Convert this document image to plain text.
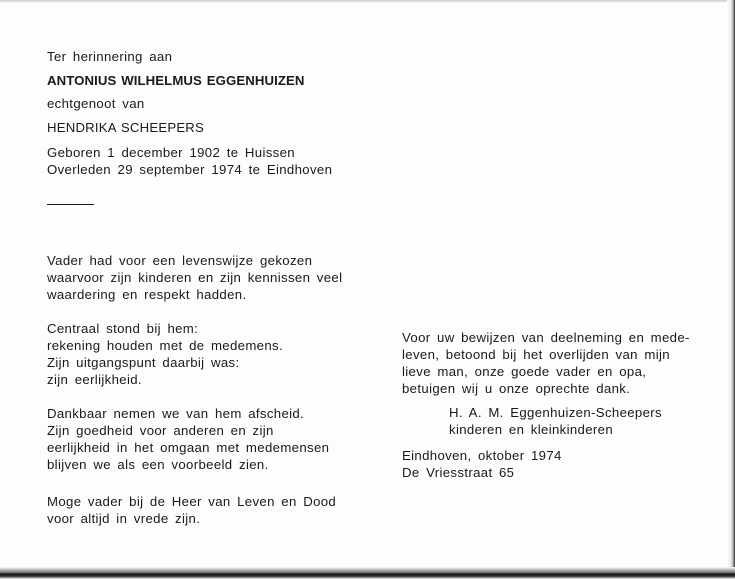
Ter herinnering aan
ANTONIUS WILHELMUS EGGENHUIZEN
echtgenoot van
HENDRIKA SCHEEPERS
Geboren 1 december 1902 te Huissen
Overleden 29 september 1974 te Eindhoven
Vader had voor een levenswijze gekozen
waarvoor zijn kinderen en zijn kennissen veel
waardering en respekt hadden.
Centraal stond bij hem:
rekening houden met de medemens.
Zijn uitgangspunt daarbij was:
zijn eerlijkheid.
Dankbaar nemen we van hem afscheid.
Zijn goedheid voor anderen en zijn
eerlijkheid in het omgaan met medemensen
blijven we als een voorbeeld zien.
Moge vader bij de Heer van Leven en Dood
voor altijd in vrede zijn.
Voor uw bewijzen van deelneming en mede-
leven, betoond bij het overlijden van mijn
lieve man, onze goede vader en opa,
betuigen wij u onze oprechte dank.
H. A. M. Eggenhuizen-Scheepers
kinderen en kleinkinderen
Eindhoven, oktober 1974
De Vriesstraat 65
